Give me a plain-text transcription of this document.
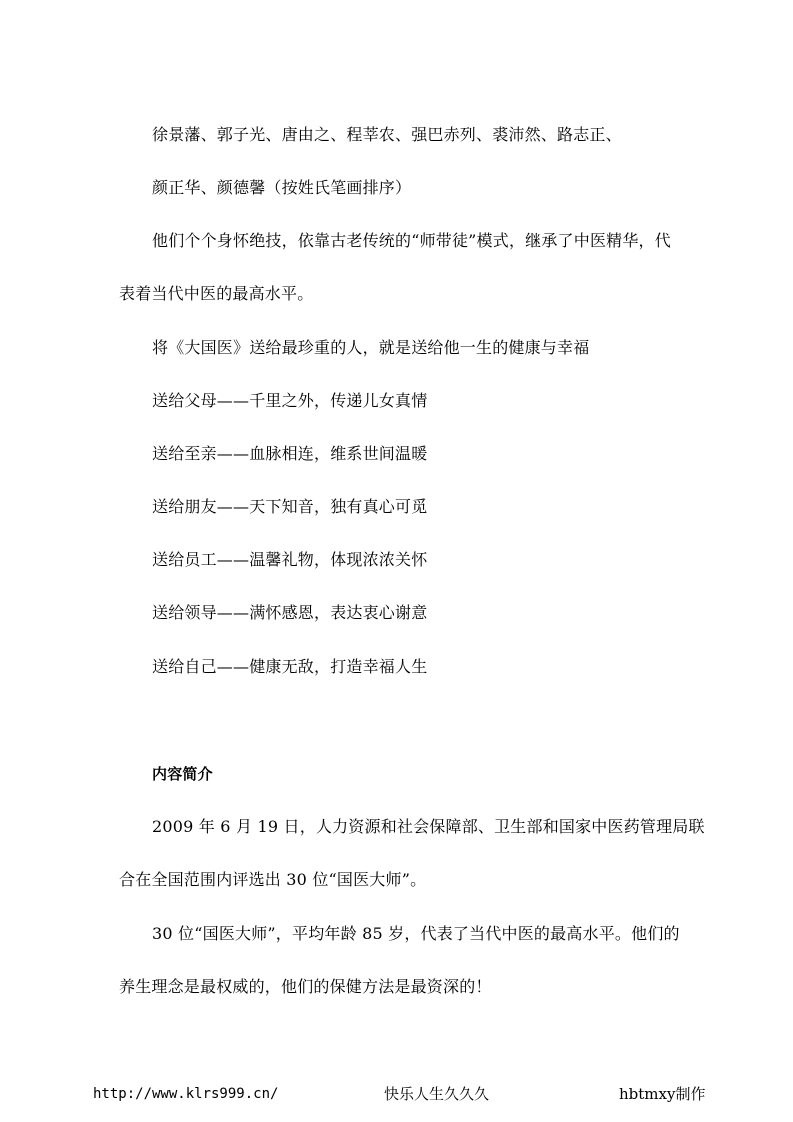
徐景藩、郭子光、唐由之、程莘农、强巴赤列、裘沛然、路志正、
颜正华、颜德馨（按姓氏笔画排序）
他们个个身怀绝技，依靠古老传统的“师带徒”模式，继承了中医精华，代
表着当代中医的最高水平。
将《大国医》送给最珍重的人，就是送给他一生的健康与幸福
送给父母——千里之外，传递儿女真情
送给至亲——血脉相连，维系世间温暖
送给朋友——天下知音，独有真心可觅
送给员工——温馨礼物，体现浓浓关怀
送给领导——满怀感恩，表达衷心谢意
送给自己——健康无敌，打造幸福人生
内容简介
2009 年 6 月 19 日，人力资源和社会保障部、卫生部和国家中医药管理局联
合在全国范围内评选出 30 位“国医大师”。
30 位“国医大师”，平均年龄 85 岁，代表了当代中医的最高水平。他们的
养生理念是最权威的，他们的保健方法是最资深的！
http://www.klrs999.cn/	快乐人生久久久	hbtmxy制作
